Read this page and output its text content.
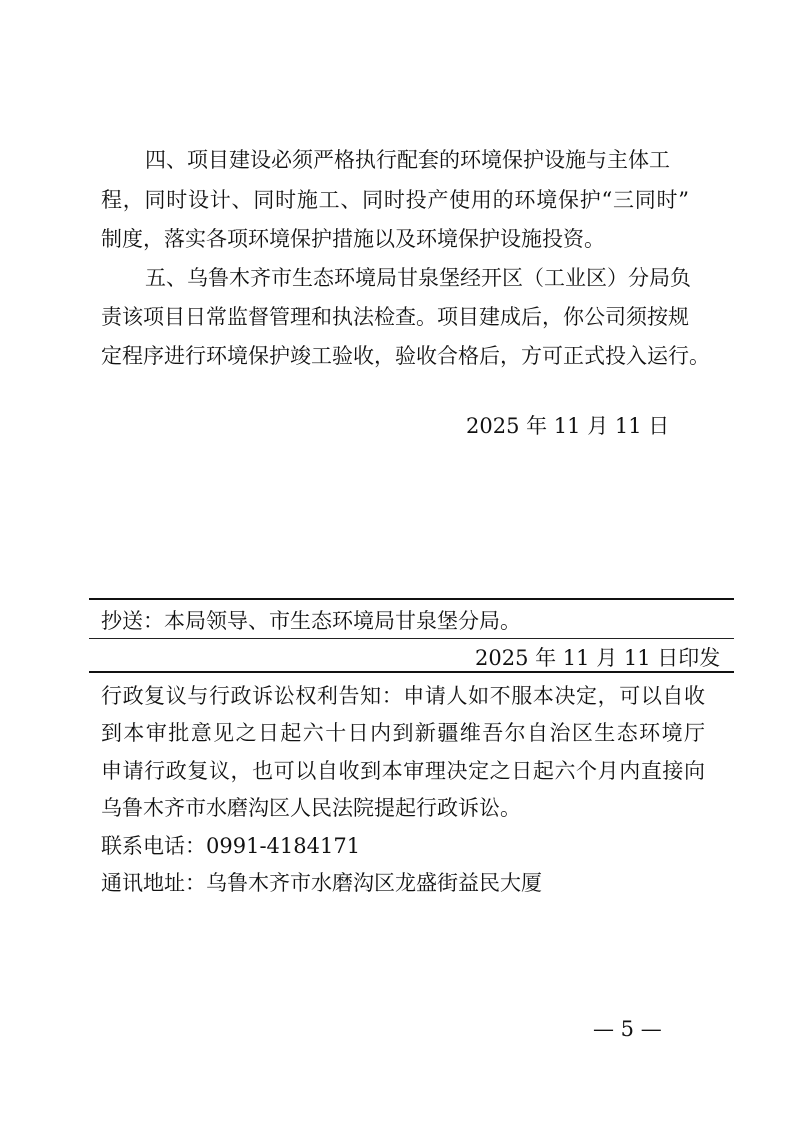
四、项目建设必须严格执行配套的环境保护设施与主体工
程，同时设计、同时施工、同时投产使用的环境保护“三同时”
制度，落实各项环境保护措施以及环境保护设施投资。
五、乌鲁木齐市生态环境局甘泉堡经开区（工业区）分局负
责该项目日常监督管理和执法检查。项目建成后，你公司须按规
定程序进行环境保护竣工验收，验收合格后，方可正式投入运行。
2025 年 11 月 11 日
抄送：本局领导、市生态环境局甘泉堡分局。
2025 年 11 月 11 日印发
行政复议与行政诉讼权利告知：申请人如不服本决定，可以自收
到本审批意见之日起六十日内到新疆维吾尔自治区生态环境厅
申请行政复议，也可以自收到本审理决定之日起六个月内直接向
乌鲁木齐市水磨沟区人民法院提起行政诉讼。
联系电话：0991-4184171
通讯地址：乌鲁木齐市水磨沟区龙盛街益民大厦
— 5 —
